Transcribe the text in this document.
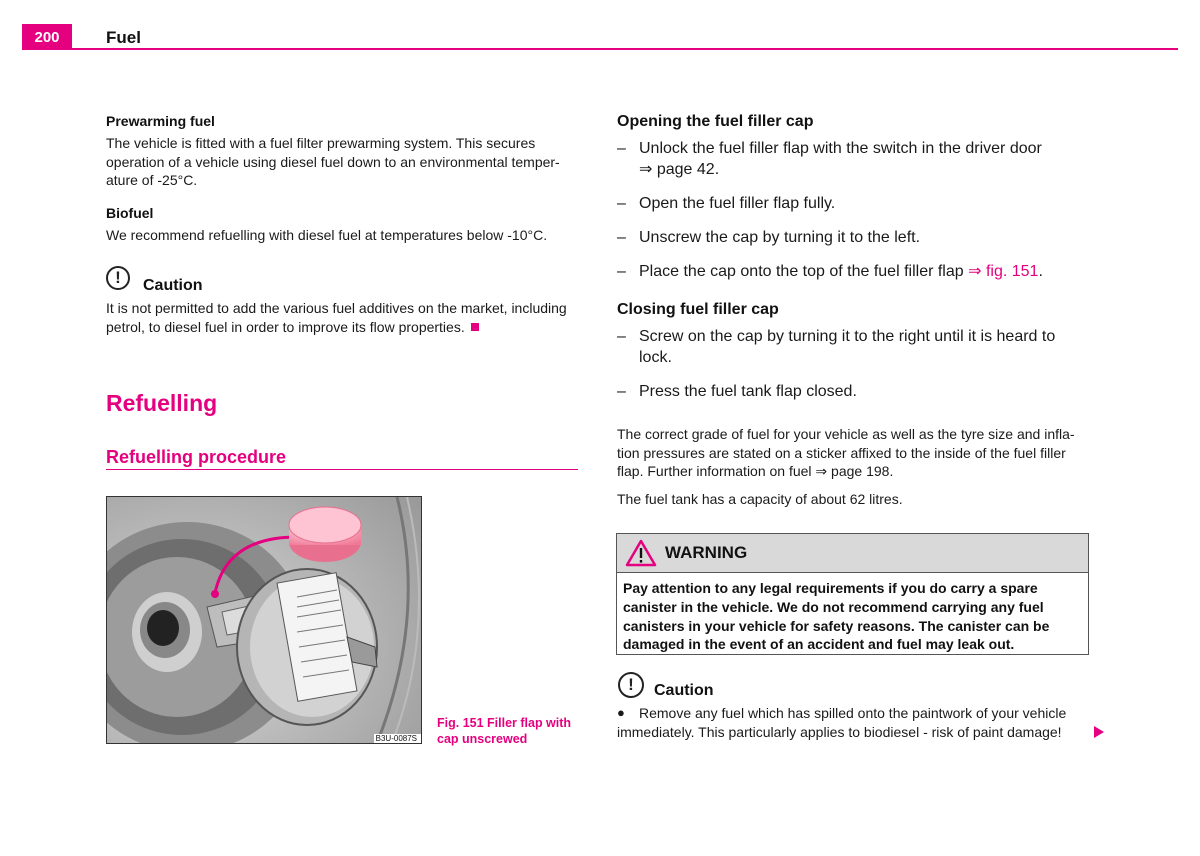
200	Fuel
Prewarming fuel
The vehicle is fitted with a fuel filter prewarming system. This secures
operation of a vehicle using diesel fuel down to an environmental temper-
ature of -25°C.
Biofuel
We recommend refuelling with diesel fuel at temperatures below -10°C.
!	Caution
It is not permitted to add the various fuel additives on the market, including
petrol, to diesel fuel in order to improve its flow properties.
Refuelling
Refuelling procedure
B3U-0087S
Fig. 151 Filler flap with
cap unscrewed
Opening the fuel filler cap
– Unlock the fuel filler flap with the switch in the driver door
⇒ page 42.
– Open the fuel filler flap fully.
– Unscrew the cap by turning it to the left.
– Place the cap onto the top of the fuel filler flap ⇒ fig. 151.
Closing fuel filler cap
– Screw on the cap by turning it to the right until it is heard to
lock.
– Press the fuel tank flap closed.
The correct grade of fuel for your vehicle as well as the tyre size and infla-
tion pressures are stated on a sticker affixed to the inside of the fuel filler
flap. Further information on fuel ⇒ page 198.
The fuel tank has a capacity of about 62 litres.
WARNING
Pay attention to any legal requirements if you do carry a spare
canister in the vehicle. We do not recommend carrying any fuel
canisters in your vehicle for safety reasons. The canister can be
damaged in the event of an accident and fuel may leak out.
!	Caution
●	Remove any fuel which has spilled onto the paintwork of your vehicle
immediately. This particularly applies to biodiesel - risk of paint damage!
